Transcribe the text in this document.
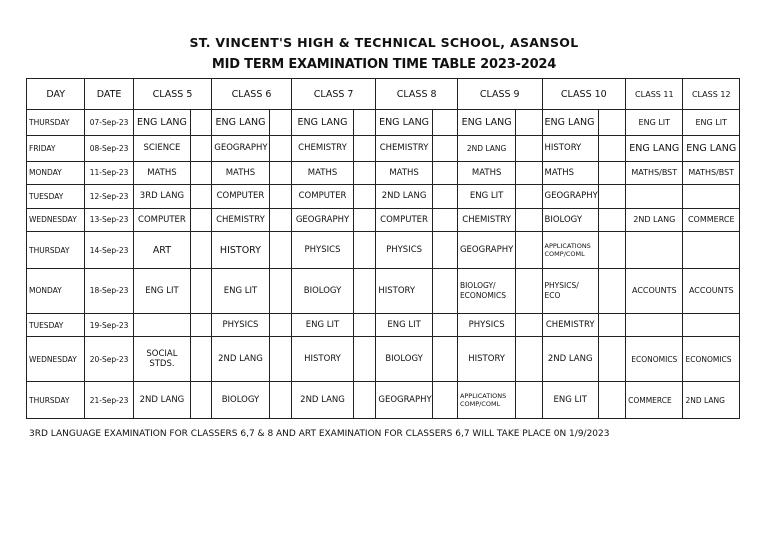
ST. VINCENT'S HIGH & TECHNICAL SCHOOL, ASANSOL
MID TERM EXAMINATION TIME TABLE 2023-2024
DAY	DATE	CLASS 5		CLASS 6		CLASS 7		CLASS 8		CLASS 9		CLASS 10		CLASS 11	CLASS 12
THURSDAY	07-Sep-23	ENG LANG		ENG LANG		ENG LANG		ENG LANG		ENG LANG		ENG LANG		ENG LIT	ENG LIT
FRIDAY	08-Sep-23	SCIENCE		GEOGRAPHY		CHEMISTRY		CHEMISTRY		2ND LANG		HISTORY		ENG LANG	ENG LANG
MONDAY	11-Sep-23	MATHS		MATHS		MATHS		MATHS		MATHS		MATHS		MATHS/BST	MATHS/BST
TUESDAY	12-Sep-23	3RD LANG		COMPUTER		COMPUTER		2ND LANG		ENG LIT		GEOGRAPHY			
WEDNESDAY	13-Sep-23	COMPUTER		CHEMISTRY		GEOGRAPHY		COMPUTER		CHEMISTRY		BIOLOGY		2ND LANG	COMMERCE
THURSDAY	14-Sep-23	ART		HISTORY		PHYSICS		PHYSICS		GEOGRAPHY		APPLICATIONS COMP/COML			
MONDAY	18-Sep-23	ENG LIT		ENG LIT		BIOLOGY		HISTORY		BIOLOGY/ ECONOMICS		PHYSICS/ ECO		ACCOUNTS	ACCOUNTS
TUESDAY	19-Sep-23			PHYSICS		ENG LIT		ENG LIT		PHYSICS		CHEMISTRY			
WEDNESDAY	20-Sep-23	SOCIAL STDS.		2ND LANG		HISTORY		BIOLOGY		HISTORY		2ND LANG		ECONOMICS	ECONOMICS
THURSDAY	21-Sep-23	2ND LANG		BIOLOGY		2ND LANG		GEOGRAPHY		APPLICATIONS COMP/COML		ENG LIT		COMMERCE	2ND LANG
3RD LANGUAGE EXAMINATION FOR CLASSERS 6,7 & 8 AND ART EXAMINATION FOR CLASSERS 6,7 WILL TAKE PLACE 0N 1/9/2023
